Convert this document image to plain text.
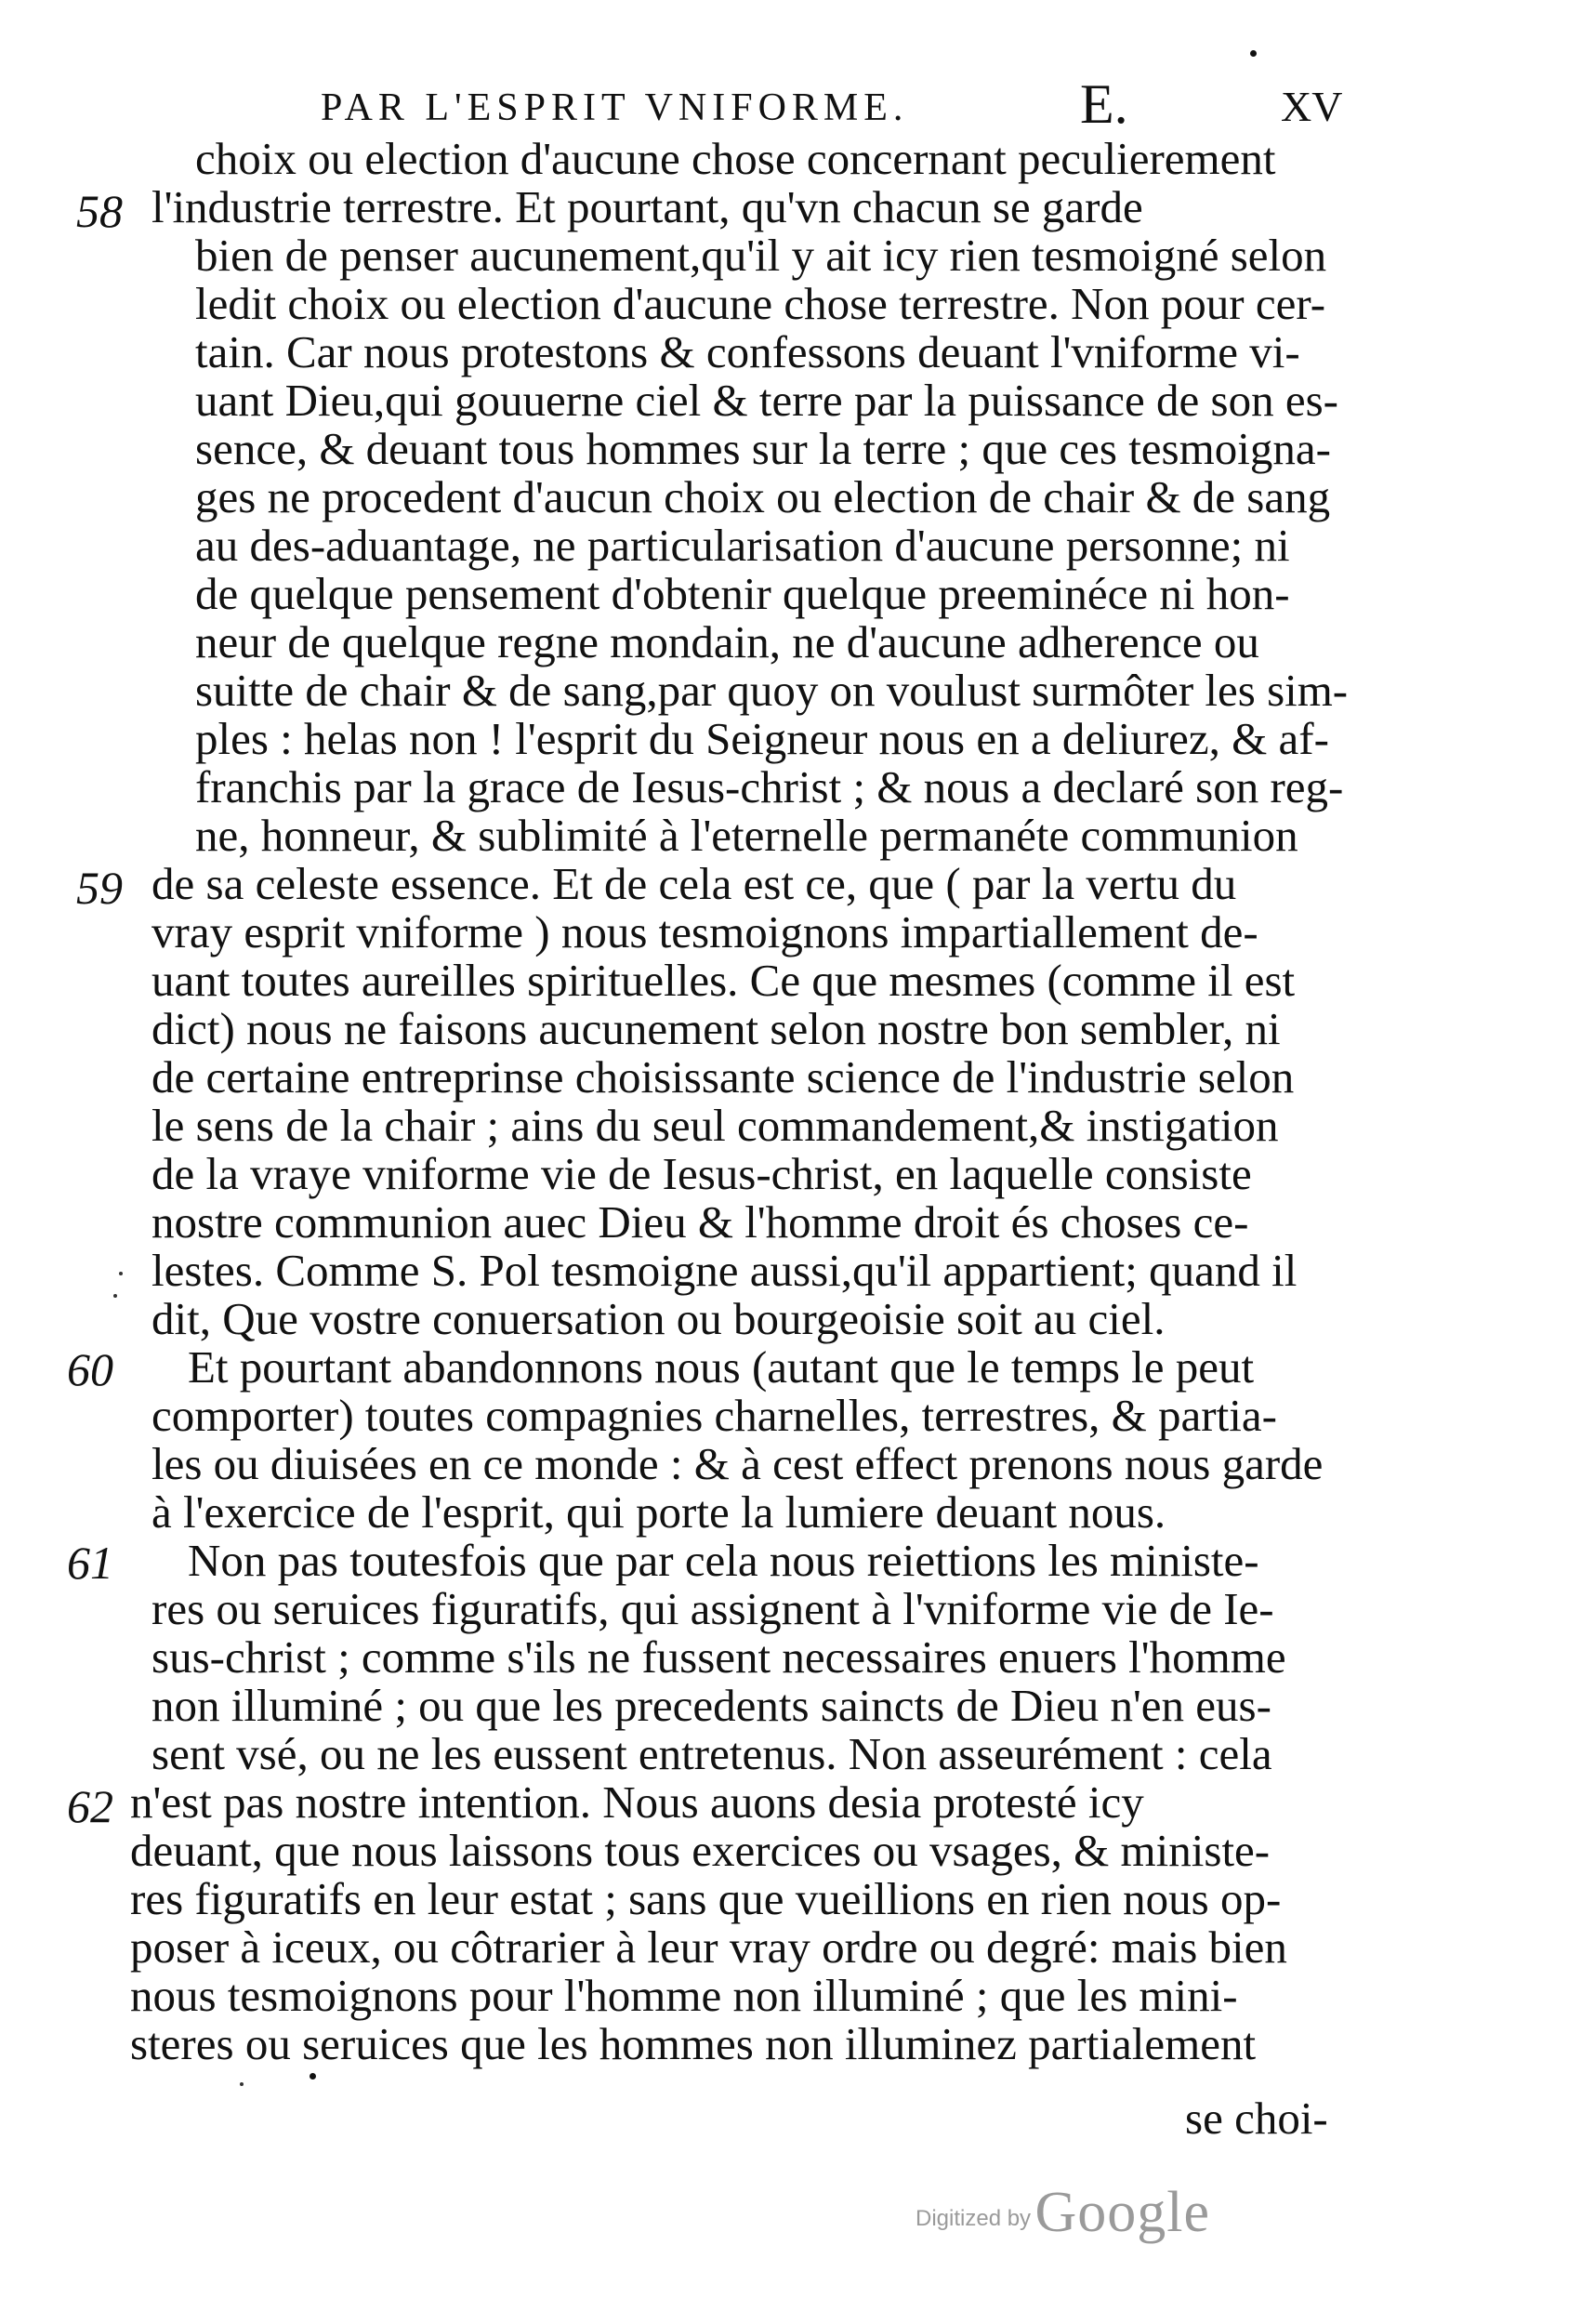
PAR L'ESPRIT VNIFORME.	E.	XV
choix ou election d'aucune chose concernant peculierement
58 l'industrie terrestre. Et pourtant, qu'vn chacun se garde
bien de penser aucunement,qu'il y ait icy rien tesmoigné selon
ledit choix ou election d'aucune chose terrestre. Non pour cer-
tain. Car nous protestons & confessons deuant l'vniforme vi-
uant Dieu,qui gouuerne ciel & terre par la puissance de son es-
sence, & deuant tous hommes sur la terre ; que ces tesmoigna-
ges ne procedent d'aucun choix ou election de chair & de sang
au des-aduantage, ne particularisation d'aucune personne; ni
de quelque pensement d'obtenir quelque preeminéce ni hon-
neur de quelque regne mondain, ne d'aucune adherence ou
suitte de chair & de sang,par quoy on voulust surmôter les sim-
ples : helas non ! l'esprit du Seigneur nous en a deliurez, & af-
franchis par la grace de Iesus-christ ; & nous a declaré son reg-
ne, honneur, & sublimité à l'eternelle permanéte communion
59 de sa celeste essence. Et de cela est ce, que ( par la vertu du
vray esprit vniforme ) nous tesmoignons impartiallement de-
uant toutes aureilles spirituelles. Ce que mesmes (comme il est
dict) nous ne faisons aucunement selon nostre bon sembler, ni
de certaine entreprinse choisissante science de l'industrie selon
le sens de la chair ; ains du seul commandement,& instigation
de la vraye vniforme vie de Iesus-christ, en laquelle consiste
nostre communion auec Dieu & l'homme droit és choses ce-
lestes. Comme S. Pol tesmoigne aussi,qu'il appartient; quand il
dit, Que vostre conuersation ou bourgeoisie soit au ciel.
60 Et pourtant abandonnons nous (autant que le temps le peut
comporter) toutes compagnies charnelles, terrestres, & partia-
les ou diuisées en ce monde : & à cest effect prenons nous garde
à l'exercice de l'esprit, qui porte la lumiere deuant nous.
61 Non pas toutesfois que par cela nous reiettions les ministe-
res ou seruices figuratifs, qui assignent à l'vniforme vie de Ie-
sus-christ ; comme s'ils ne fussent necessaires enuers l'homme
non illuminé ; ou que les precedents saincts de Dieu n'en eus-
sent vsé, ou ne les eussent entretenus. Non asseurément : cela
62 n'est pas nostre intention. Nous auons desia protesté icy
deuant, que nous laissons tous exercices ou vsages, & ministe-
res figuratifs en leur estat ; sans que vueillions en rien nous op-
poser à iceux, ou côtrarier à leur vray ordre ou degré: mais bien
nous tesmoignons pour l'homme non illuminé ; que les mini-
steres ou seruices que les hommes non illuminez partialement
se choi-
Digitized by Google
